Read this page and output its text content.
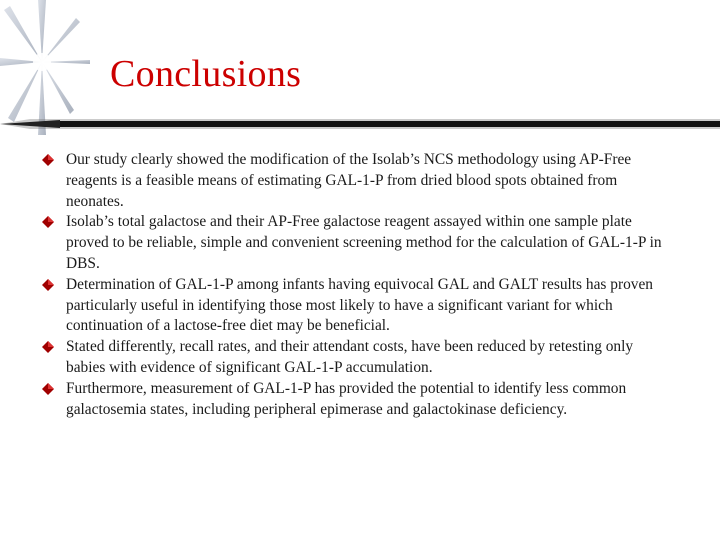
Conclusions
Our study clearly showed the modification of the Isolab’s NCS methodology using AP-Free reagents is a feasible means of estimating GAL-1-P from dried blood spots obtained from neonates.
Isolab’s total galactose and their AP-Free galactose reagent assayed within one sample plate proved to be reliable, simple and convenient screening method for the calculation of GAL-1-P in DBS.
Determination of GAL-1-P among infants having equivocal GAL and GALT results has proven particularly useful in identifying those most likely to have a significant variant for which continuation of a lactose-free diet may be beneficial.
Stated differently, recall rates, and their attendant costs, have been reduced by retesting only babies with evidence of significant GAL-1-P accumulation.
Furthermore, measurement of GAL-1-P has provided the potential to identify less common galactosemia states, including peripheral epimerase and galactokinase deficiency.
